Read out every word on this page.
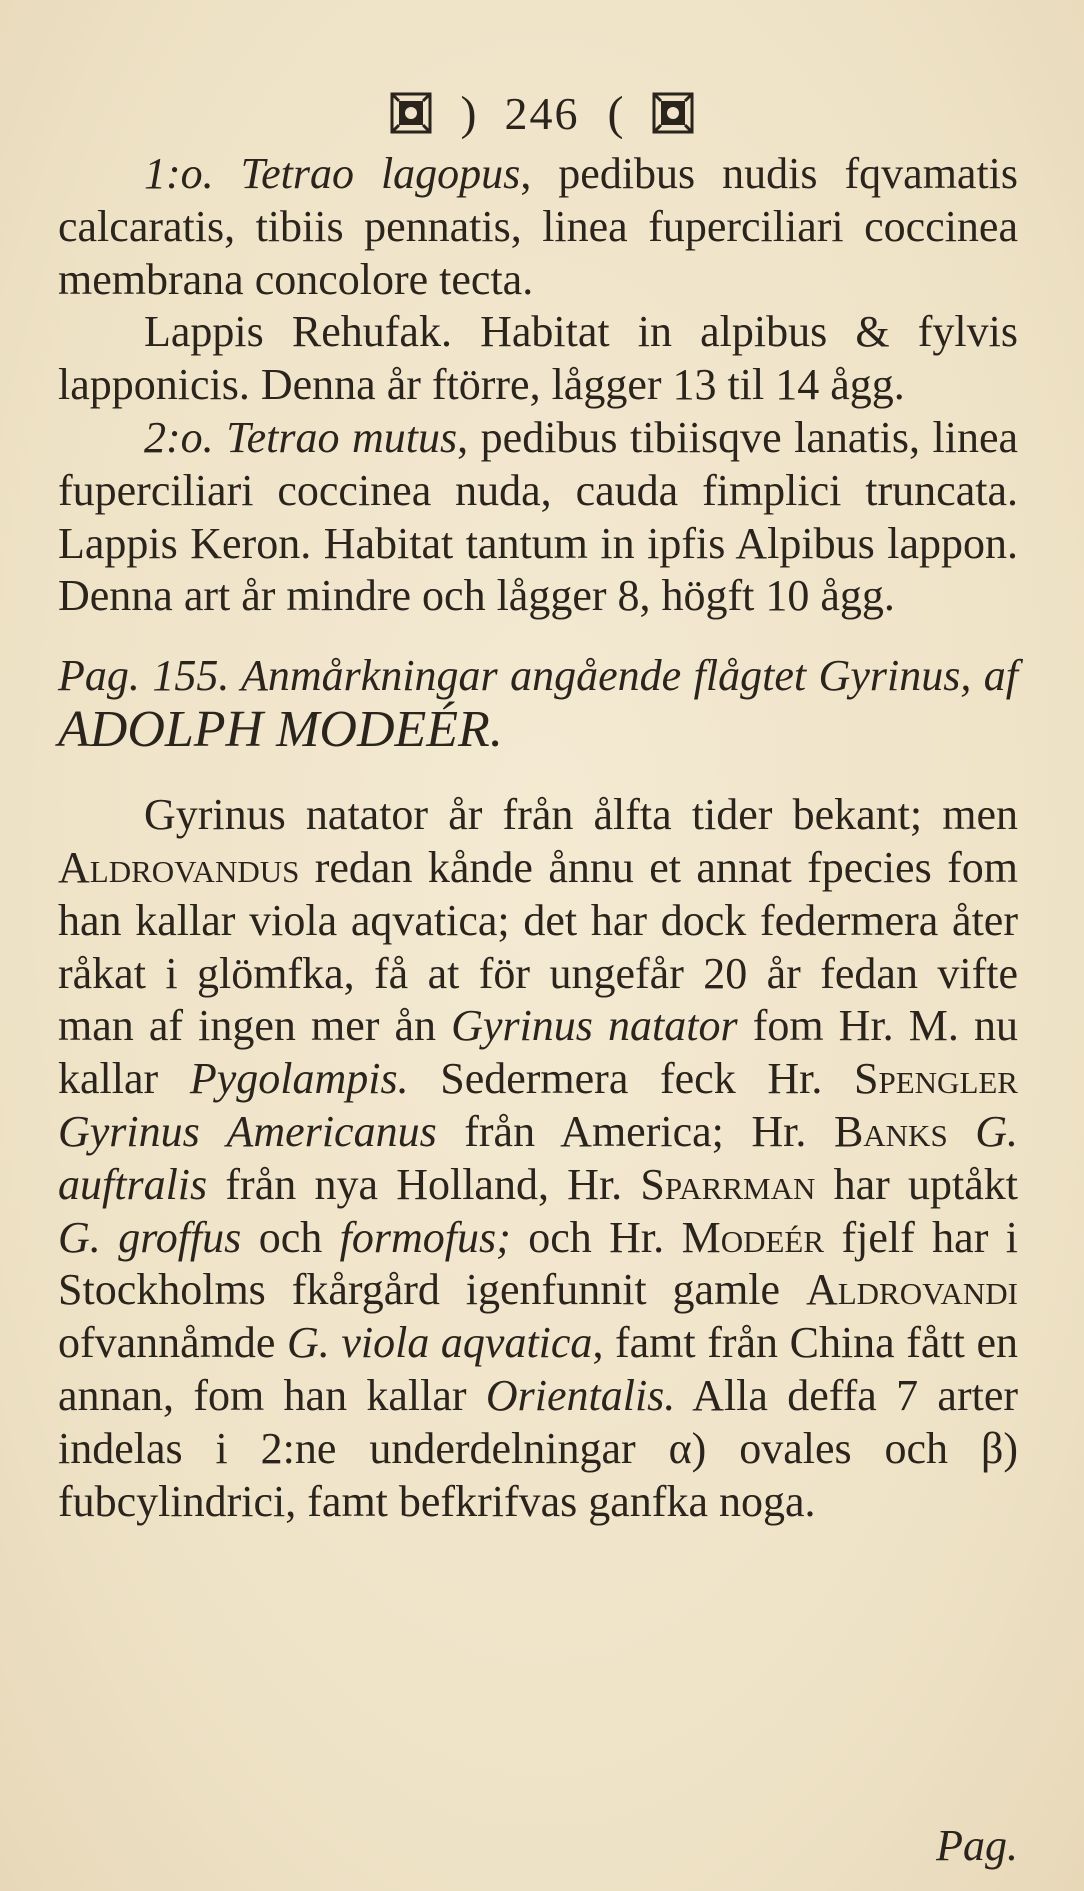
) 246 (

1:o. Tetrao lagopus, pedibus nudis fqvamatis calcaratis, tibiis pennatis, linea fuperciliari coccinea membrana concolore tecta.

Lappis Rehufak. Habitat in alpibus & fylvis lapponicis. Denna år ftörre, lågger 13 til 14 ågg.

2:o. Tetrao mutus, pedibus tibiisqve lanatis, linea fuperciliari coccinea nuda, cauda fimplici truncata. Lappis Keron. Habitat tantum in ipfis Alpibus lappon. Denna art år mindre och lågger 8, högft 10 ågg.

Pag. 155. Anmårkningar angående flågtet Gyrinus, af ADOLPH MODEÉR.

Gyrinus natator år från ålfta tider bekant; men Aldrovandus redan kånde ånnu et annat fpecies fom han kallar viola aqvatica; det har dock federmera åter råkat i glömfka, få at för ungefår 20 år fedan vifte man af ingen mer ån Gyrinus natator fom Hr. M. nu kallar Pygolampis. Sedermera feck Hr. Spengler Gyrinus Americanus från America; Hr. Banks G. auftralis från nya Holland, Hr. Sparrman har uptåkt G. groffus och formofus; och Hr. Modeér fjelf har i Stockholms fkårgård igenfunnit gamle Aldrovandi ofvannåmde G. viola aqvatica, famt från China fått en annan, fom han kallar Orientalis. Alla deffa 7 arter indelas i 2:ne underdelningar α) ovales och β) fubcylindrici, famt befkrifvas ganfka noga.

Pag.
